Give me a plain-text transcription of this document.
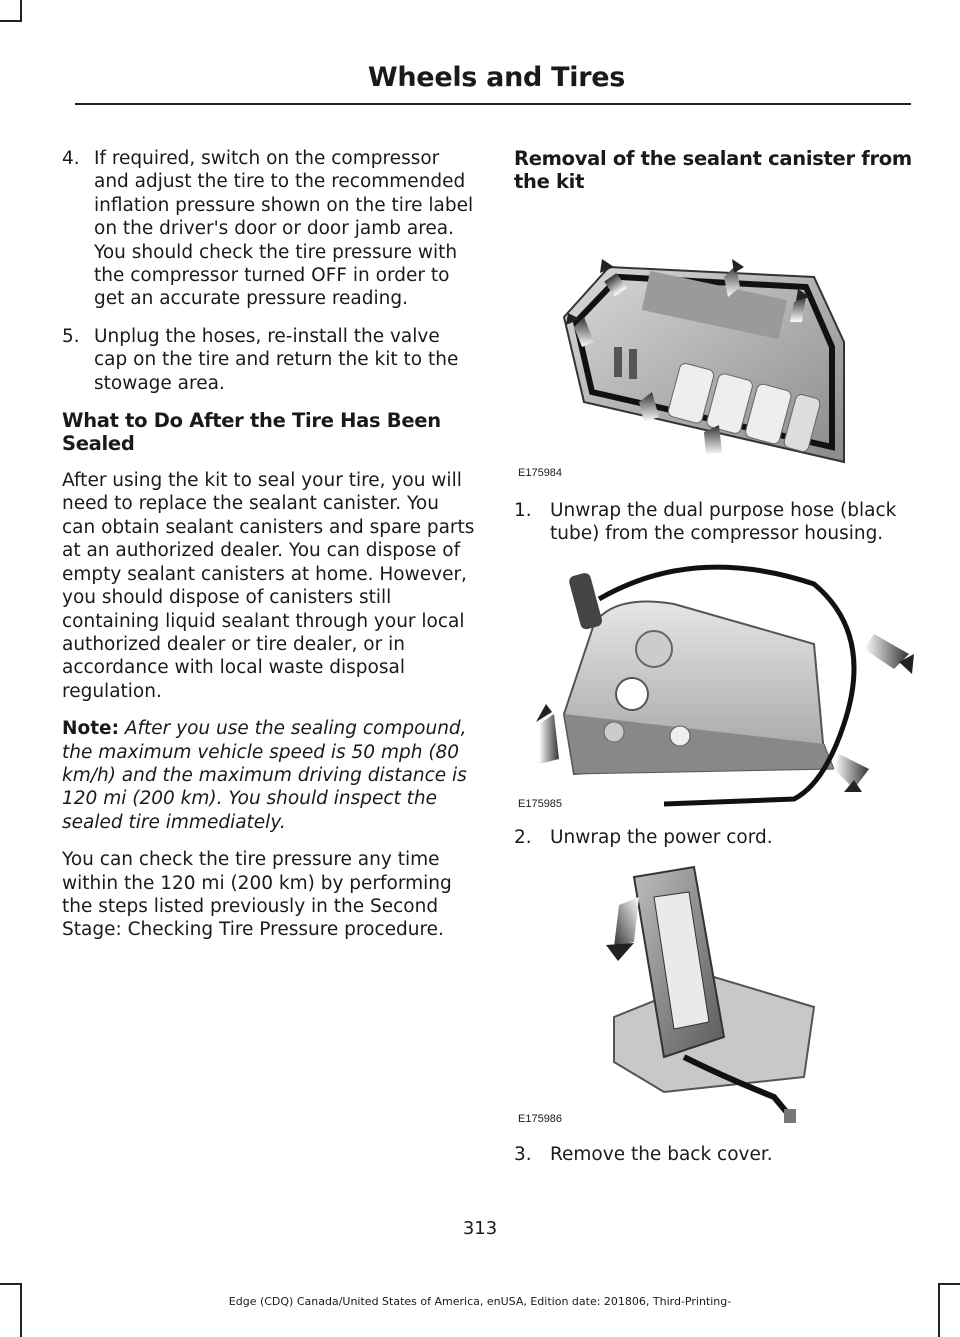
Wheels and Tires
4. If required, switch on the compressor and adjust the tire to the recommended inflation pressure shown on the tire label on the driver's door or door jamb area. You should check the tire pressure with the compressor turned OFF in order to get an accurate pressure reading.
5. Unplug the hoses, re-install the valve cap on the tire and return the kit to the stowage area.
What to Do After the Tire Has Been Sealed

After using the kit to seal your tire, you will need to replace the sealant canister. You can obtain sealant canisters and spare parts at an authorized dealer. You can dispose of empty sealant canisters at home. However, you should dispose of canisters still containing liquid sealant through your local authorized dealer or tire dealer, or in accordance with local waste disposal regulation.

Note: After you use the sealing compound, the maximum vehicle speed is 50 mph (80 km/h) and the maximum driving distance is 120 mi (200 km). You should inspect the sealed tire immediately.

You can check the tire pressure any time within the 120 mi (200 km) by performing the steps listed previously in the Second Stage: Checking Tire Pressure procedure.

Removal of the sealant canister from the kit
E175984
1. Unwrap the dual purpose hose (black tube) from the compressor housing.
E175985
2. Unwrap the power cord.
E175986
3. Remove the back cover.
313
Edge (CDQ) Canada/United States of America, enUSA, Edition date: 201806, Third-Printing-
